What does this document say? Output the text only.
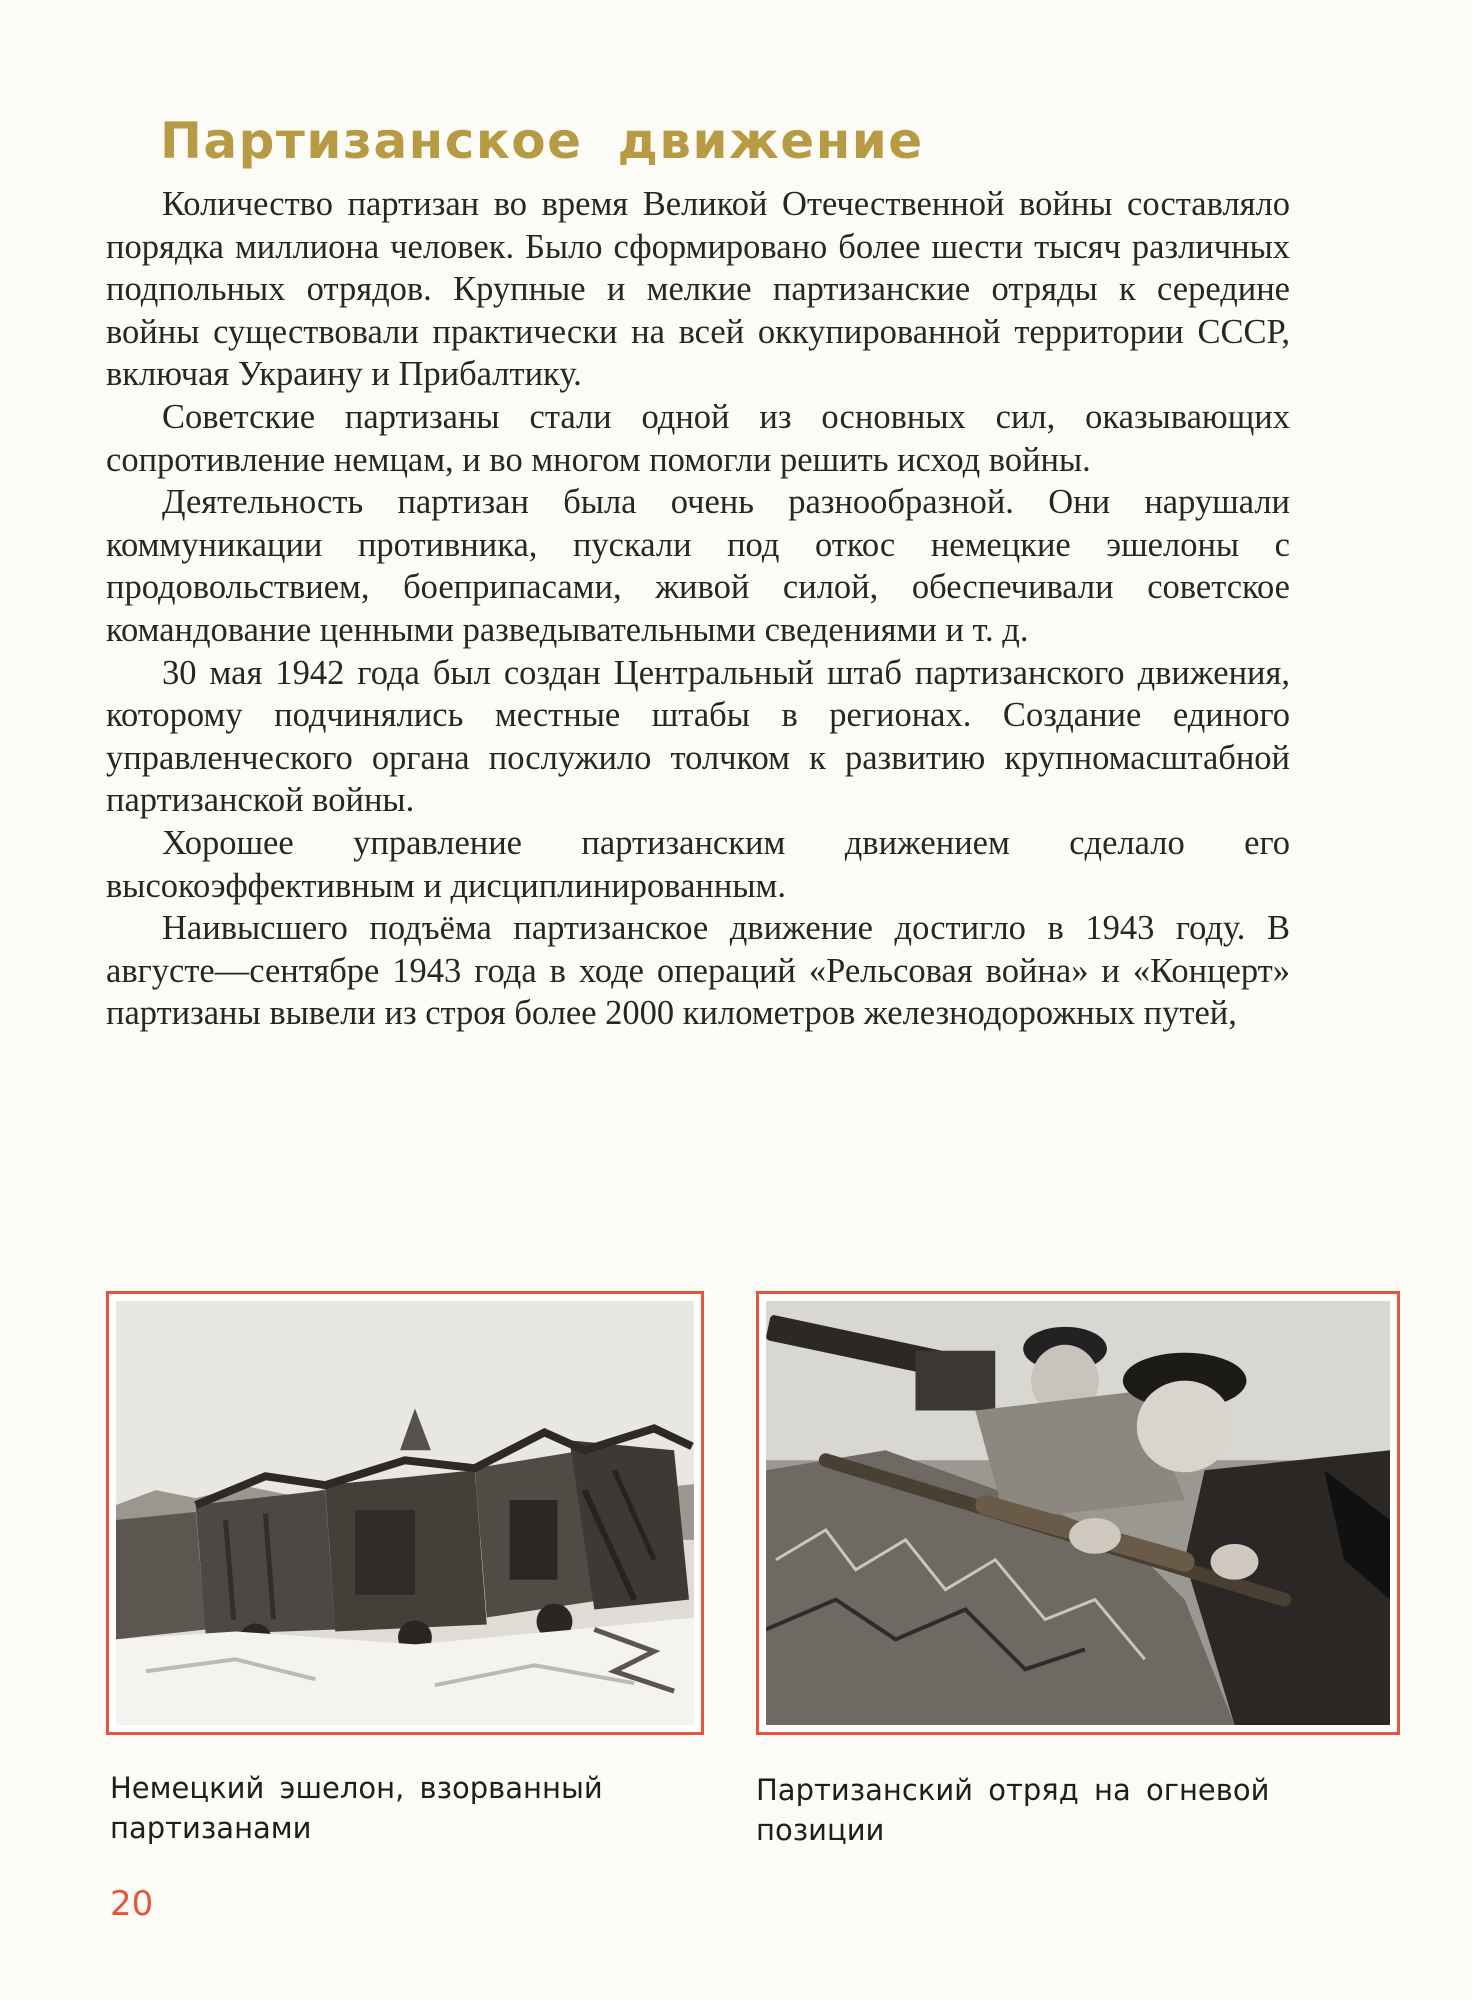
Партизанское движение

Количество партизан во время Великой Отечественной войны составляло порядка миллиона человек. Было сформировано более шести тысяч различных подпольных отрядов. Крупные и мелкие партизанские отряды к середине войны существовали практически на всей оккупированной территории СССР, включая Украину и Прибалтику.

Советские партизаны стали одной из основных сил, оказывающих сопротивление немцам, и во многом помогли решить исход войны.

Деятельность партизан была очень разнообразной. Они нарушали коммуникации противника, пускали под откос немецкие эшелоны с продовольствием, боеприпасами, живой силой, обеспечивали советское командование ценными разведывательными сведениями и т. д.

30 мая 1942 года был создан Центральный штаб партизанского движения, которому подчинялись местные штабы в регионах. Создание единого управленческого органа послужило толчком к развитию крупномасштабной партизанской войны.

Хорошее управление партизанским движением сделало его высокоэффективным и дисциплинированным.

Наивысшего подъёма партизанское движение достигло в 1943 году. В августе—сентябре 1943 года в ходе операций «Рельсовая война» и «Концерт» партизаны вывели из строя более 2000 километров железнодорожных путей,

Немецкий эшелон, взорванный партизанами

Партизанский отряд на огневой позиции

20
